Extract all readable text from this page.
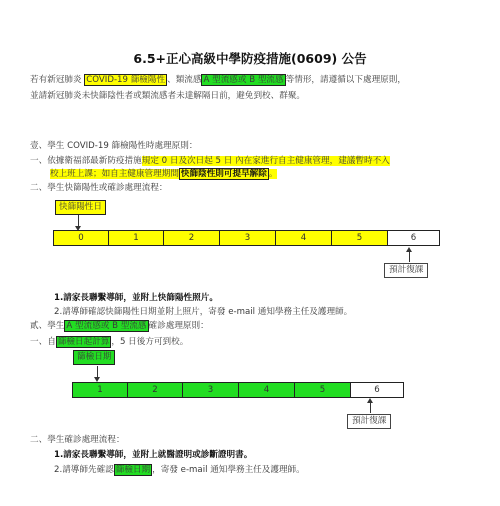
6.5+正心高級中學防疫措施(0609) 公告
若有新冠肺炎 COVID-19 篩檢陽性 、類流感 A 型流感或 B 型流感 等情形，請遵循以下處理原則，
並請新冠肺炎未快篩陰性者或類流感者未達解隔日前，避免到校、群聚。
壹、學生 COVID-19 篩檢陽性時處理原則：
一、依據衛福部最新防疫措施規定 0 日及次日起 5 日 內在家進行自主健康管理，建議暫時不入
校上班上課；如自主健康管理期間 快篩陰性則可提早解除 。
二、學生快篩陽性或確診處理流程：
快篩陽性日
0	1	2	3	4	5	6
預計復課
1.請家長聯繫導師，並附上快篩陽性照片。
2.請導師確認快篩陽性日期並附上照片，寄發 e-mail 通知學務主任及護理師。
貳、學生 A 型流感或 B 型流感 確診處理原則：
一、自 篩檢日起計算 ，5 日後方可到校。
篩檢日期
1	2	3	4	5	6
預計復課
二、學生確診處理流程：
1.請家長聯繫導師，並附上就醫證明或診斷證明書。
2.請導師先確認 篩檢日期 ，寄發 e-mail 通知學務主任及護理師。
